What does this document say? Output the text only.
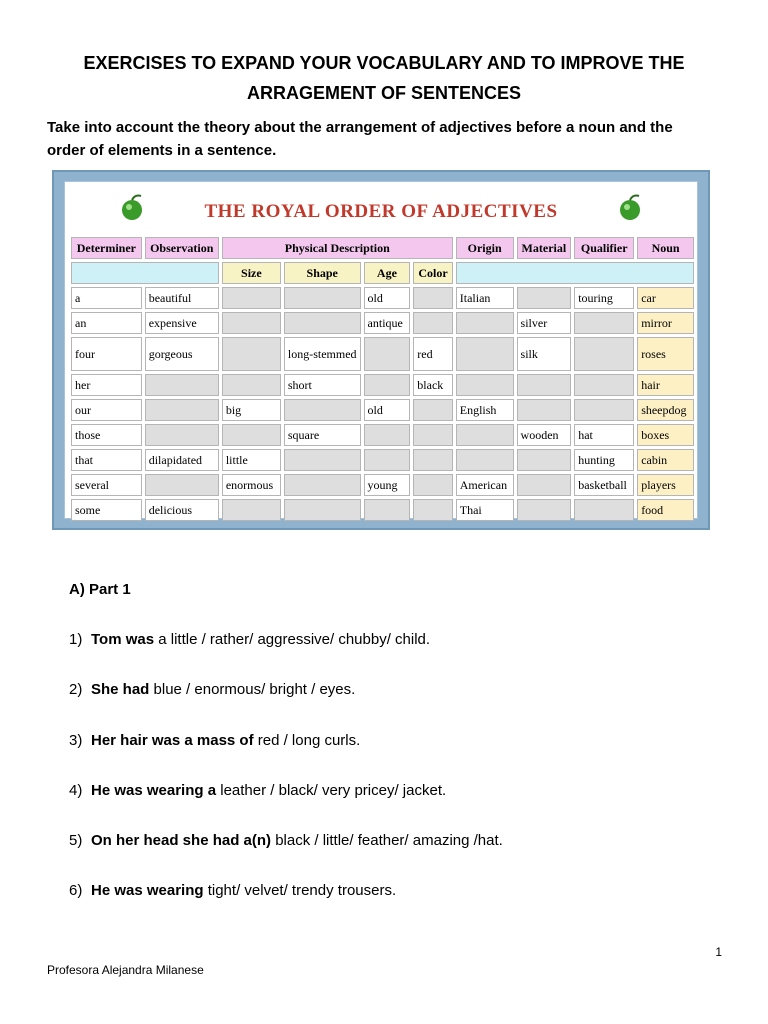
EXERCISES TO EXPAND YOUR VOCABULARY AND TO IMPROVE THE
ARRAGEMENT OF SENTENCES
Take into account the theory about the arrangement of adjectives before a noun and the
order of elements in a sentence.
THE ROYAL ORDER OF ADJECTIVES
Determiner	Observation	Physical Description				Origin	Material	Qualifier	Noun
		Size	Shape	Age	Color				
a	beautiful			old		Italian		touring	car
an	expensive			antique			silver		mirror
four	gorgeous		long-stemmed		red		silk		roses
her			short		black				hair
our		big		old		English			sheepdog
those			square				wooden	hat	boxes
that	dilapidated	little						hunting	cabin
several		enormous		young		American		basketball	players
some	delicious					Thai			food
A) Part 1
1) Tom was a little / rather/ aggressive/ chubby/ child.
2) She had blue / enormous/ bright / eyes.
3) Her hair was a mass of red / long curls.
4) He was wearing a leather / black/ very pricey/ jacket.
5) On her head she had a(n) black / little/ feather/ amazing /hat.
6) He was wearing tight/ velvet/ trendy trousers.
1
Profesora Alejandra Milanese
